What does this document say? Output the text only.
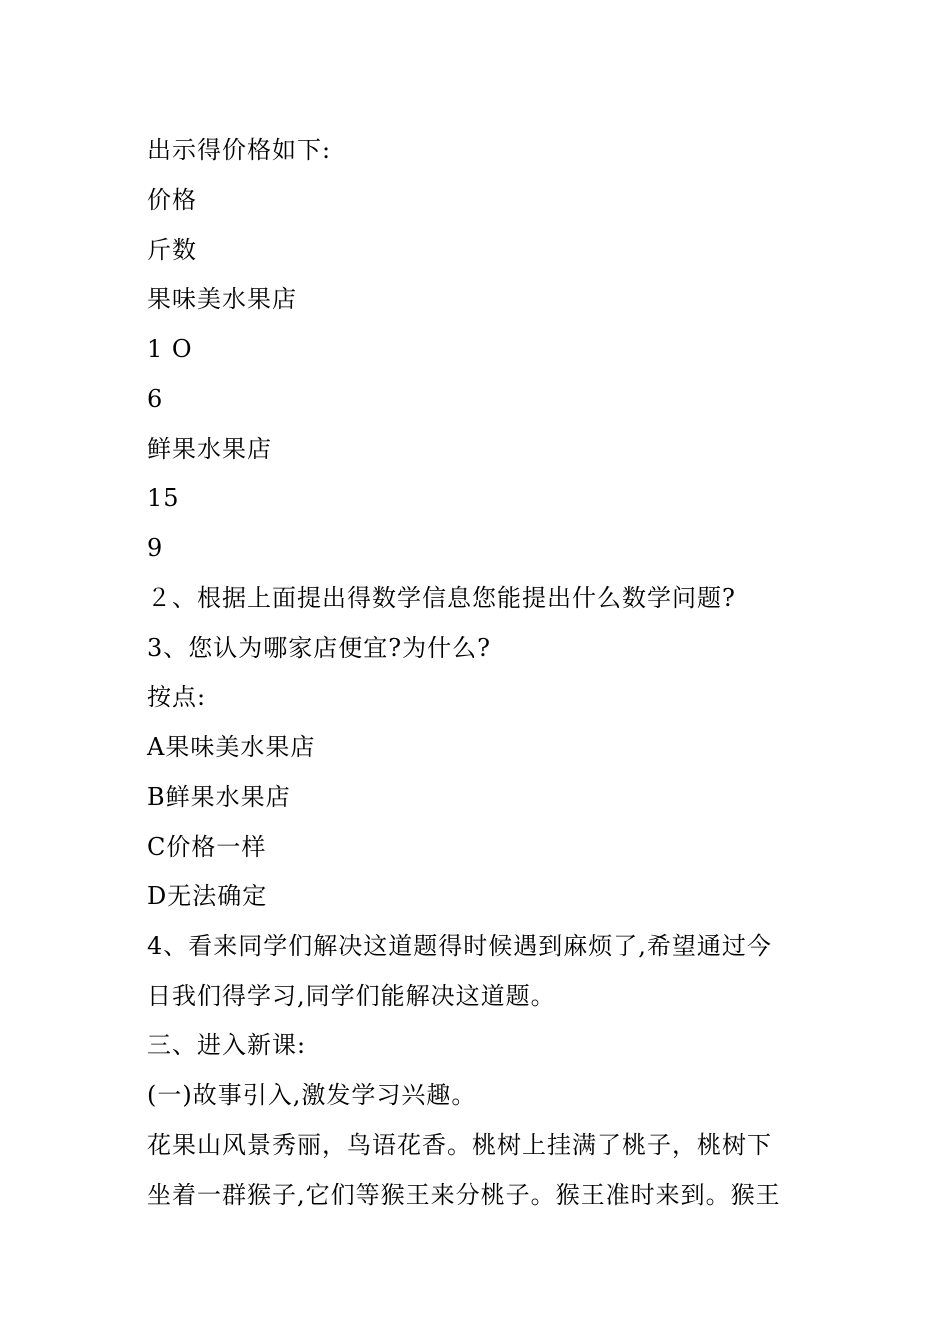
出示得价格如下:
价格
斤数
果味美水果店
1 O
6
鲜果水果店
15
9
２、根据上面提出得数学信息您能提出什么数学问题?
3、您认为哪家店便宜?为什么?
按点:
A果味美水果店
B鲜果水果店
C价格一样
D无法确定
4、看来同学们解决这道题得时候遇到麻烦了,希望通过今
日我们得学习,同学们能解决这道题。
三、进入新课:
(一)故事引入,激发学习兴趣。
花果山风景秀丽，鸟语花香。桃树上挂满了桃子，桃树下
坐着一群猴子,它们等猴王来分桃子。猴王准时来到。猴王
